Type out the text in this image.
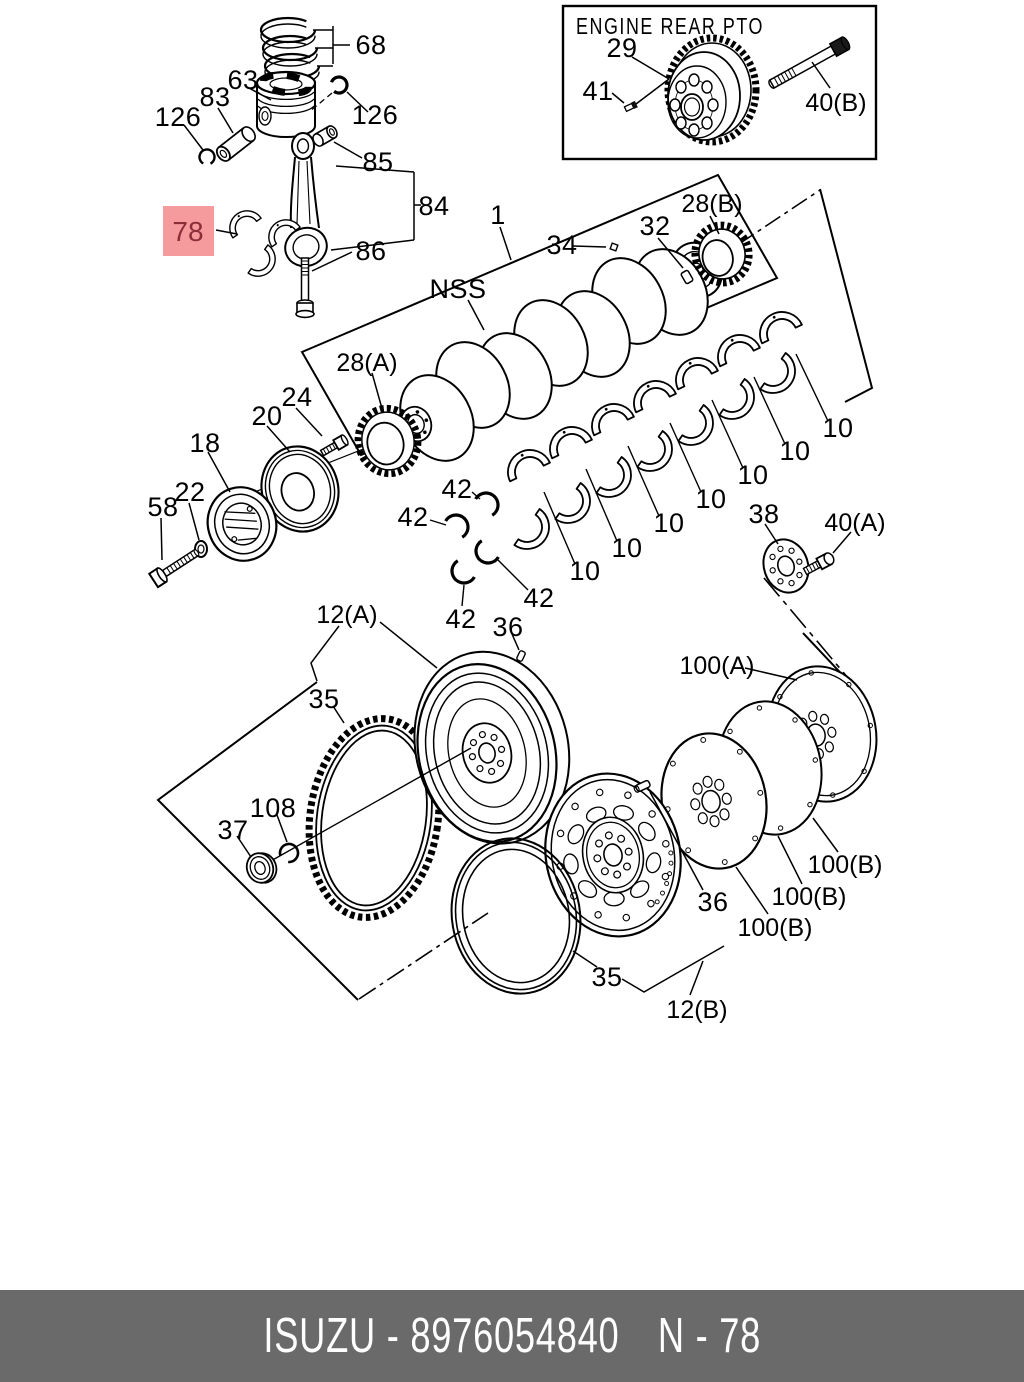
ENGINE REAR PTO
29
41	40(B)
68
63
83
126	126
85
84
86
78
1
34
32
28(B)
NSS
28(A)
18
20
24
22
58
10
10
10
10
10
10
10
42
42
42
42 36
38 40(A)
12(A)
35
37
108
100(A)
36
100(B)
100(B)
100(B)
35
12(B)
ISUZU - 8976054840 N - 78
